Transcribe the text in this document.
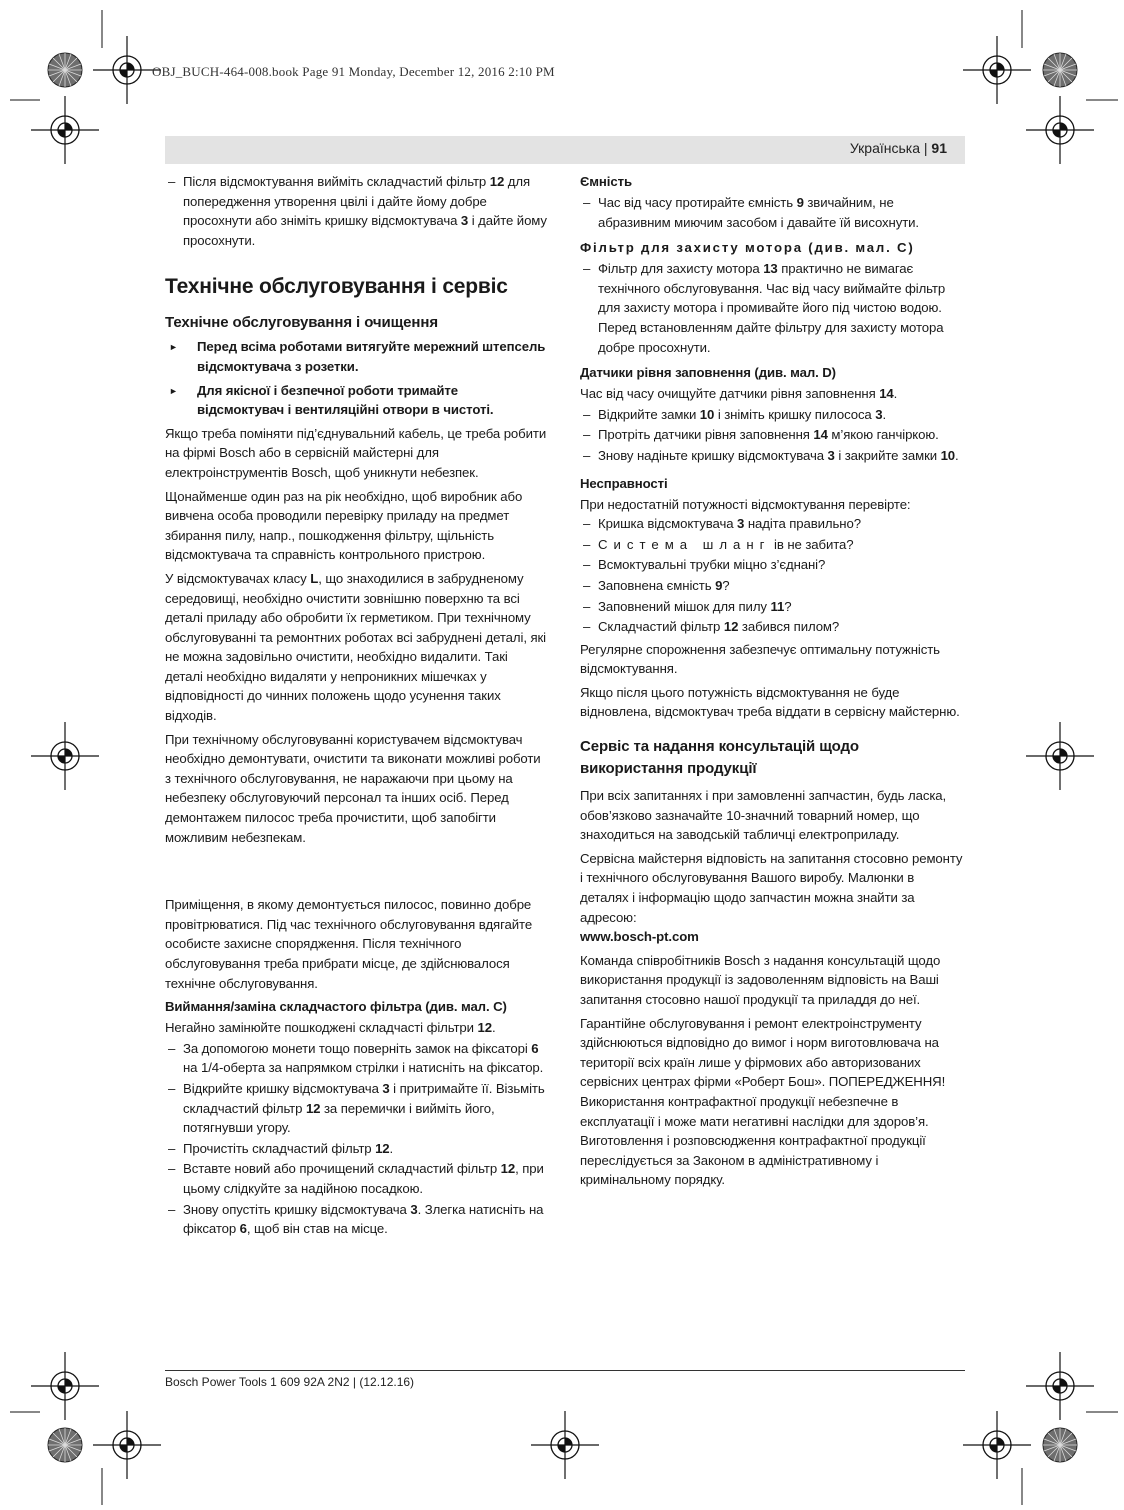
OBJ_BUCH-464-008.book Page 91 Monday, December 12, 2016 2:10 PM
Українська | 91
– Після відсмоктування вийміть складчастий фільтр 12 для попередження утворення цвілі і дайте йому добре просохнути або зніміть кришку відсмоктувача 3 і дайте йому просохнути.
Технічне обслуговування і сервіс
Технічне обслуговування і очищення
► Перед всіма роботами витягуйте мережний штепсель відсмоктувача з розетки.
► Для якісної і безпечної роботи тримайте відсмоктувач і вентиляційні отвори в чистоті.

Якщо треба поміняти під’єднувальний кабель, це треба робити на фірмі Bosch або в сервісній майстерні для електроінструментів Bosch, щоб уникнути небезпек.

Щонайменше один раз на рік необхідно, щоб виробник або вивчена особа проводили перевірку приладу на предмет збирання пилу, напр., пошкодження фільтру, щільність відсмоктувача та справність контрольного пристрою.

У відсмоктувачах класу L, що знаходилися в забрудненому середовищі, необхідно очистити зовнішню поверхню та всі деталі приладу або обробити їх герметиком. При технічному обслуговуванні та ремонтних роботах всі забруднені деталі, які не можна задовільно очистити, необхідно видалити. Такі деталі необхідно видаляти у непроникних мішечках у відповідності до чинних положень щодо усунення таких відходів.

При технічному обслуговуванні користувачем відсмоктувач необхідно демонтувати, очистити та виконати можливі роботи з технічного обслуговування, не наражаючи при цьому на небезпеку обслуговуючий персонал та інших осіб. Перед демонтажем пилосос треба прочистити, щоб запобігти можливим небезпекам.

Приміщення, в якому демонтується пилосос, повинно добре провітрюватися. Під час технічного обслуговування вдягайте особисте захисне спорядження. Після технічного обслуговування треба прибрати місце, де здійснювалося технічне обслуговування.

Виймання/заміна складчастого фільтра (див. мал. C)

Негайно замінюйте пошкоджені складчасті фільтри 12.

– За допомогою монети тощо поверніть замок на фіксаторі 6 на 1/4-оберта за напрямком стрілки і натисніть на фіксатор.
– Відкрийте кришку відсмоктувача 3 і притримайте її. Візьміть складчастий фільтр 12 за перемички і вийміть його, потягнувши угору.
– Прочистіть складчастий фільтр 12.
– Вставте новий або прочищений складчастий фільтр 12, при цьому слідкуйте за надійною посадкою.
– Знову опустіть кришку відсмоктувача 3. Злегка натисніть на фіксатор 6, щоб він став на місце.
Ємність
– Час від часу протирайте ємність 9 звичайним, не абразивним миючим засобом і давайте їй висохнути.
Фільтр для захисту мотора (див. мал. C)
– Фільтр для захисту мотора 13 практично не вимагає технічного обслуговування. Час від часу виймайте фільтр для захисту мотора і промивайте його під чистою водою. Перед встановленням дайте фільтру для захисту мотора добре просохнути.
Датчики рівня заповнення (див. мал. D)

Час від часу очищуйте датчики рівня заповнення 14.

– Відкрийте замки 10 і зніміть кришку пилососа 3.
– Протріть датчики рівня заповнення 14 м’якою ганчіркою.
– Знову надіньте кришку відсмоктувача 3 і закрийте замки 10.
Несправності

При недостатній потужності відсмоктування перевірте:

– Кришка відсмоктувача 3 надіта правильно?
– Система шланг ів не забита?
– Всмоктувальні трубки міцно з’єднані?
– Заповнена ємність 9?
– Заповнений мішок для пилу 11?
– Складчастий фільтр 12 забився пилом?

Регулярне спорожнення забезпечує оптимальну потужність відсмоктування.

Якщо після цього потужність відсмоктування не буде відновлена, відсмоктувач треба віддати в сервісну майстерню.

Сервіс та надання консультацій щодо використання продукції

При всіх запитаннях і при замовленні запчастин, будь ласка, обов’язково зазначайте 10-значний товарний номер, що знаходиться на заводській табличці електроприладу.

Сервісна майстерня відповість на запитання стосовно ремонту і технічного обслуговування Вашого виробу. Малюнки в деталях і інформацію щодо запчастин можна знайти за адресою:

www.bosch-pt.com

Команда співробітників Bosch з надання консультацій щодо використання продукції із задоволенням відповість на Ваші запитання стосовно нашої продукції та приладдя до неї.

Гарантійне обслуговування і ремонт електроінструменту здійснюються відповідно до вимог і норм виготовлювача на території всіх країн лише у фірмових або авторизованих сервісних центрах фірми «Роберт Бош». ПОПЕРЕДЖЕННЯ! Використання контрафактної продукції небезпечне в експлуатації і може мати негативні наслідки для здоров’я. Виготовлення і розповсюдження контрафактної продукції переслідується за Законом в адміністративному і кримінальному порядку.

Bosch Power Tools 1 609 92A 2N2 | (12.12.16)
